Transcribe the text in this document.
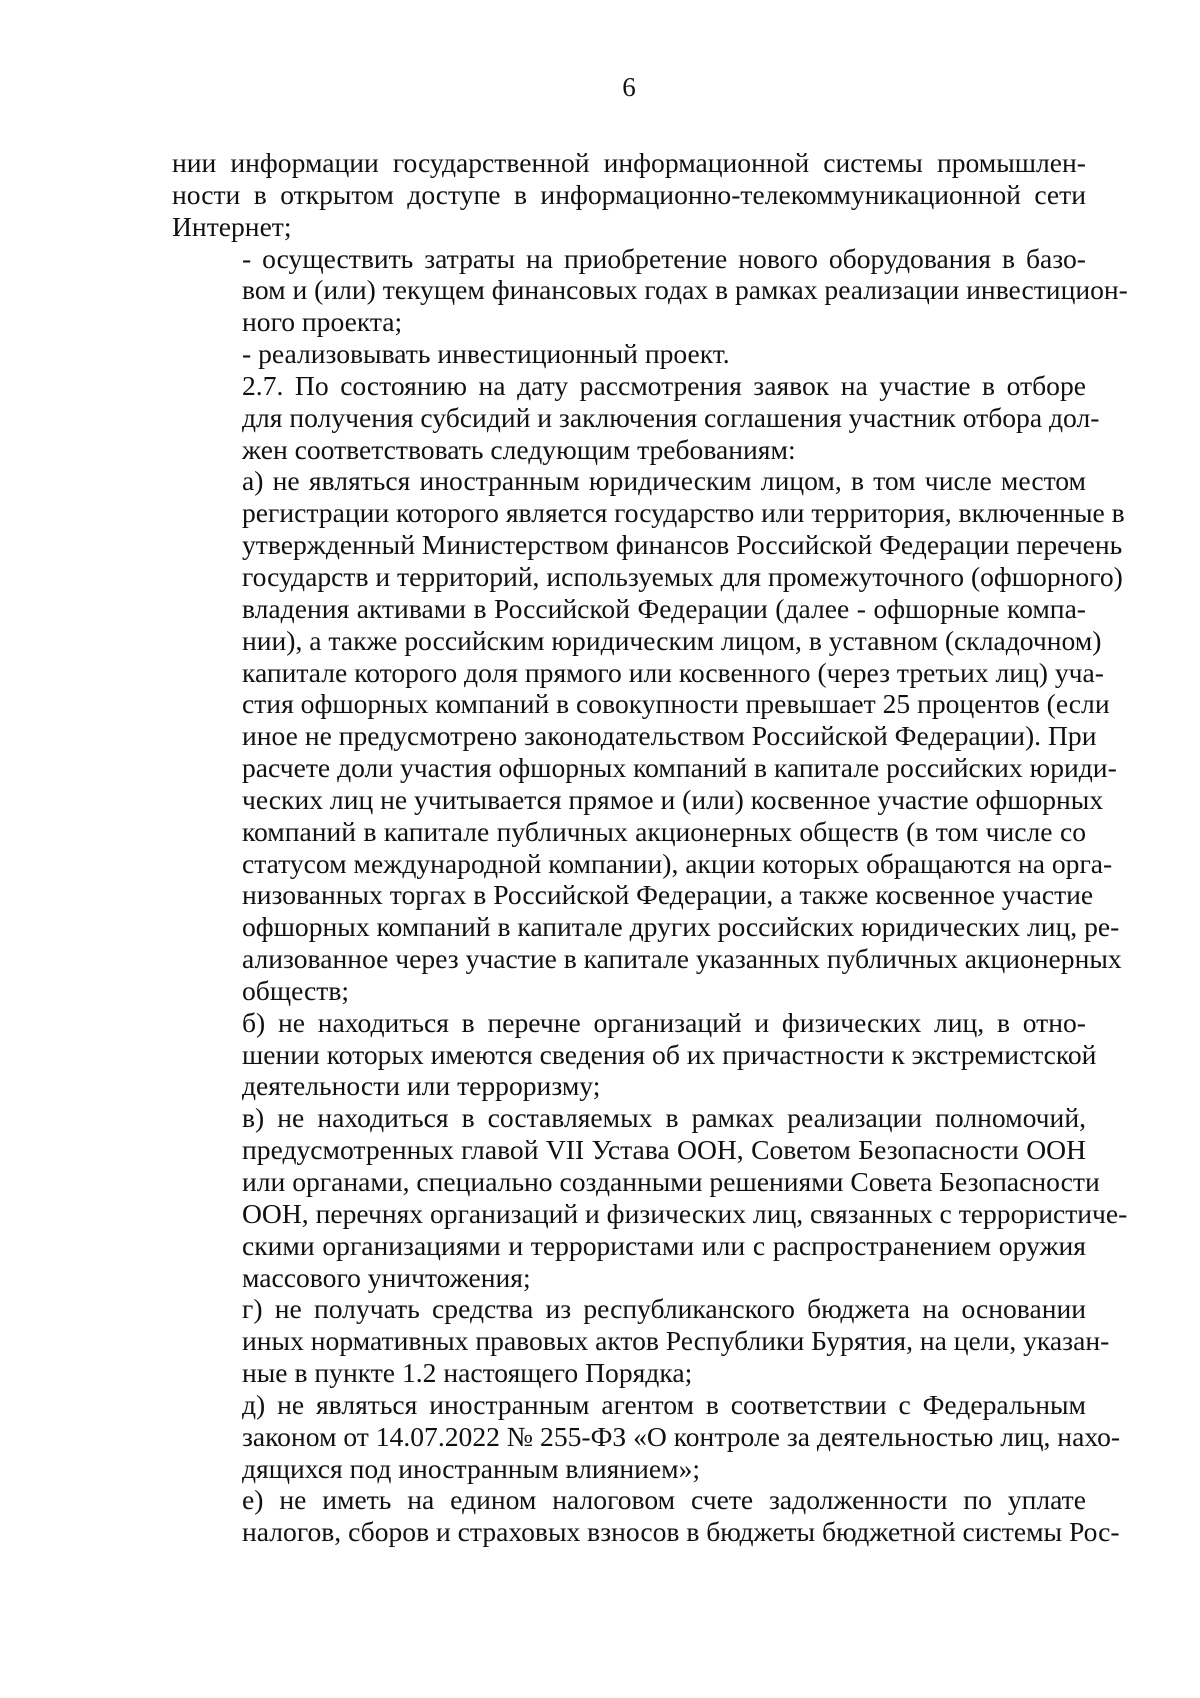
6
нии информации государственной информационной системы промышлен-
ности в открытом доступе в информационно-телекоммуникационной сети
Интернет;
- осуществить затраты на приобретение нового оборудования в базо-
вом и (или) текущем финансовых годах в рамках реализации инвестицион-
ного проекта;
- реализовывать инвестиционный проект.
2.7. По состоянию на дату рассмотрения заявок на участие в отборе
для получения субсидий и заключения соглашения участник отбора дол-
жен соответствовать следующим требованиям:
а) не являться иностранным юридическим лицом, в том числе местом
регистрации которого является государство или территория, включенные в
утвержденный Министерством финансов Российской Федерации перечень
государств и территорий, используемых для промежуточного (офшорного)
владения активами в Российской Федерации (далее - офшорные компа-
нии), а также российским юридическим лицом, в уставном (складочном)
капитале которого доля прямого или косвенного (через третьих лиц) уча-
стия офшорных компаний в совокупности превышает 25 процентов (если
иное не предусмотрено законодательством Российской Федерации). При
расчете доли участия офшорных компаний в капитале российских юриди-
ческих лиц не учитывается прямое и (или) косвенное участие офшорных
компаний в капитале публичных акционерных обществ (в том числе со
статусом международной компании), акции которых обращаются на орга-
низованных торгах в Российской Федерации, а также косвенное участие
офшорных компаний в капитале других российских юридических лиц, ре-
ализованное через участие в капитале указанных публичных акционерных
обществ;
б) не находиться в перечне организаций и физических лиц, в отно-
шении которых имеются сведения об их причастности к экстремистской
деятельности или терроризму;
в) не находиться в составляемых в рамках реализации полномочий,
предусмотренных главой VII Устава ООН, Советом Безопасности ООН
или органами, специально созданными решениями Совета Безопасности
ООН, перечнях организаций и физических лиц, связанных с террористиче-
скими организациями и террористами или с распространением оружия
массового уничтожения;
г) не получать средства из республиканского бюджета на основании
иных нормативных правовых актов Республики Бурятия, на цели, указан-
ные в пункте 1.2 настоящего Порядка;
д) не являться иностранным агентом в соответствии с Федеральным
законом от 14.07.2022 № 255-ФЗ «О контроле за деятельностью лиц, нахо-
дящихся под иностранным влиянием»;
е) не иметь на едином налоговом счете задолженности по уплате
налогов, сборов и страховых взносов в бюджеты бюджетной системы Рос-
